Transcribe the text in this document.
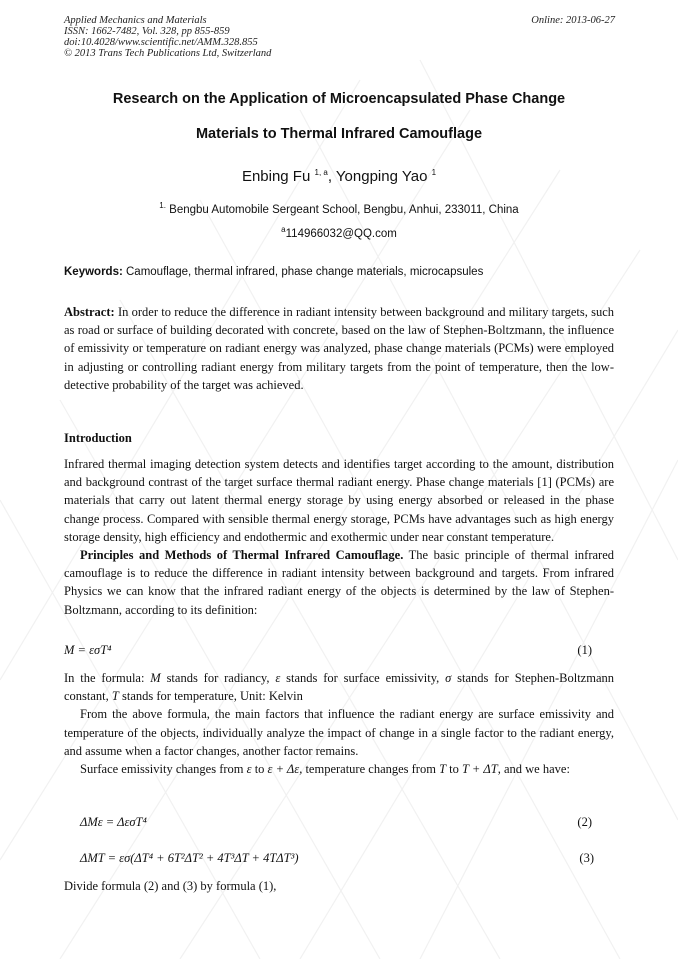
Applied Mechanics and Materials
ISSN: 1662-7482, Vol. 328, pp 855-859
doi:10.4028/www.scientific.net/AMM.328.855
© 2013 Trans Tech Publications Ltd, Switzerland
Online: 2013-06-27
Research on the Application of Microencapsulated Phase Change
Materials to Thermal Infrared Camouflage
Enbing Fu $^{1, a}$, Yongping Yao $^1$
$^{1.}$ Bengbu Automobile Sergeant School, Bengbu, Anhui, 233011, China
$^a$114966032@QQ.com
Keywords: Camouflage, thermal infrared, phase change materials, microcapsules
Abstract: In order to reduce the difference in radiant intensity between background and military targets, such as road or surface of building decorated with concrete, based on the law of Stephen-Boltzmann, the influence of emissivity or temperature on radiant energy was analyzed, phase change materials (PCMs) were employed in adjusting or controlling radiant energy from military targets from the point of temperature, then the low-detective probability of the target was achieved.
Introduction
Infrared thermal imaging detection system detects and identifies target according to the amount, distribution and background contrast of the target surface thermal radiant energy. Phase change materials [1] (PCMs) are materials that carry out latent thermal energy storage by using energy absorbed or released in the phase change process. Compared with sensible thermal energy storage, PCMs have advantages such as high energy storage density, high efficiency and endothermic and exothermic under near constant temperature.
Principles and Methods of Thermal Infrared Camouflage. The basic principle of thermal infrared camouflage is to reduce the difference in radiant intensity between background and targets. From infrared Physics we can know that the infrared radiant energy of the objects is determined by the law of Stephen-Boltzmann, according to its definition:
M = εσT⁴	(1)
In the formula: M stands for radiancy, ε stands for surface emissivity, σ stands for Stephen-Boltzmann constant, T stands for temperature, Unit: Kelvin
From the above formula, the main factors that influence the radiant energy are surface emissivity and temperature of the objects, individually analyze the impact of change in a single factor to the radiant energy, and assume when a factor changes, another factor remains.
Surface emissivity changes from ε to ε + Δε, temperature changes from T to T + ΔT, and we have:
ΔMε = ΔεσT⁴	(2)
ΔMT = εσ(ΔT⁴ + 6T²ΔT² + 4T³ΔT + 4TΔT³)	(3)
Divide formula (2) and (3) by formula (1),
